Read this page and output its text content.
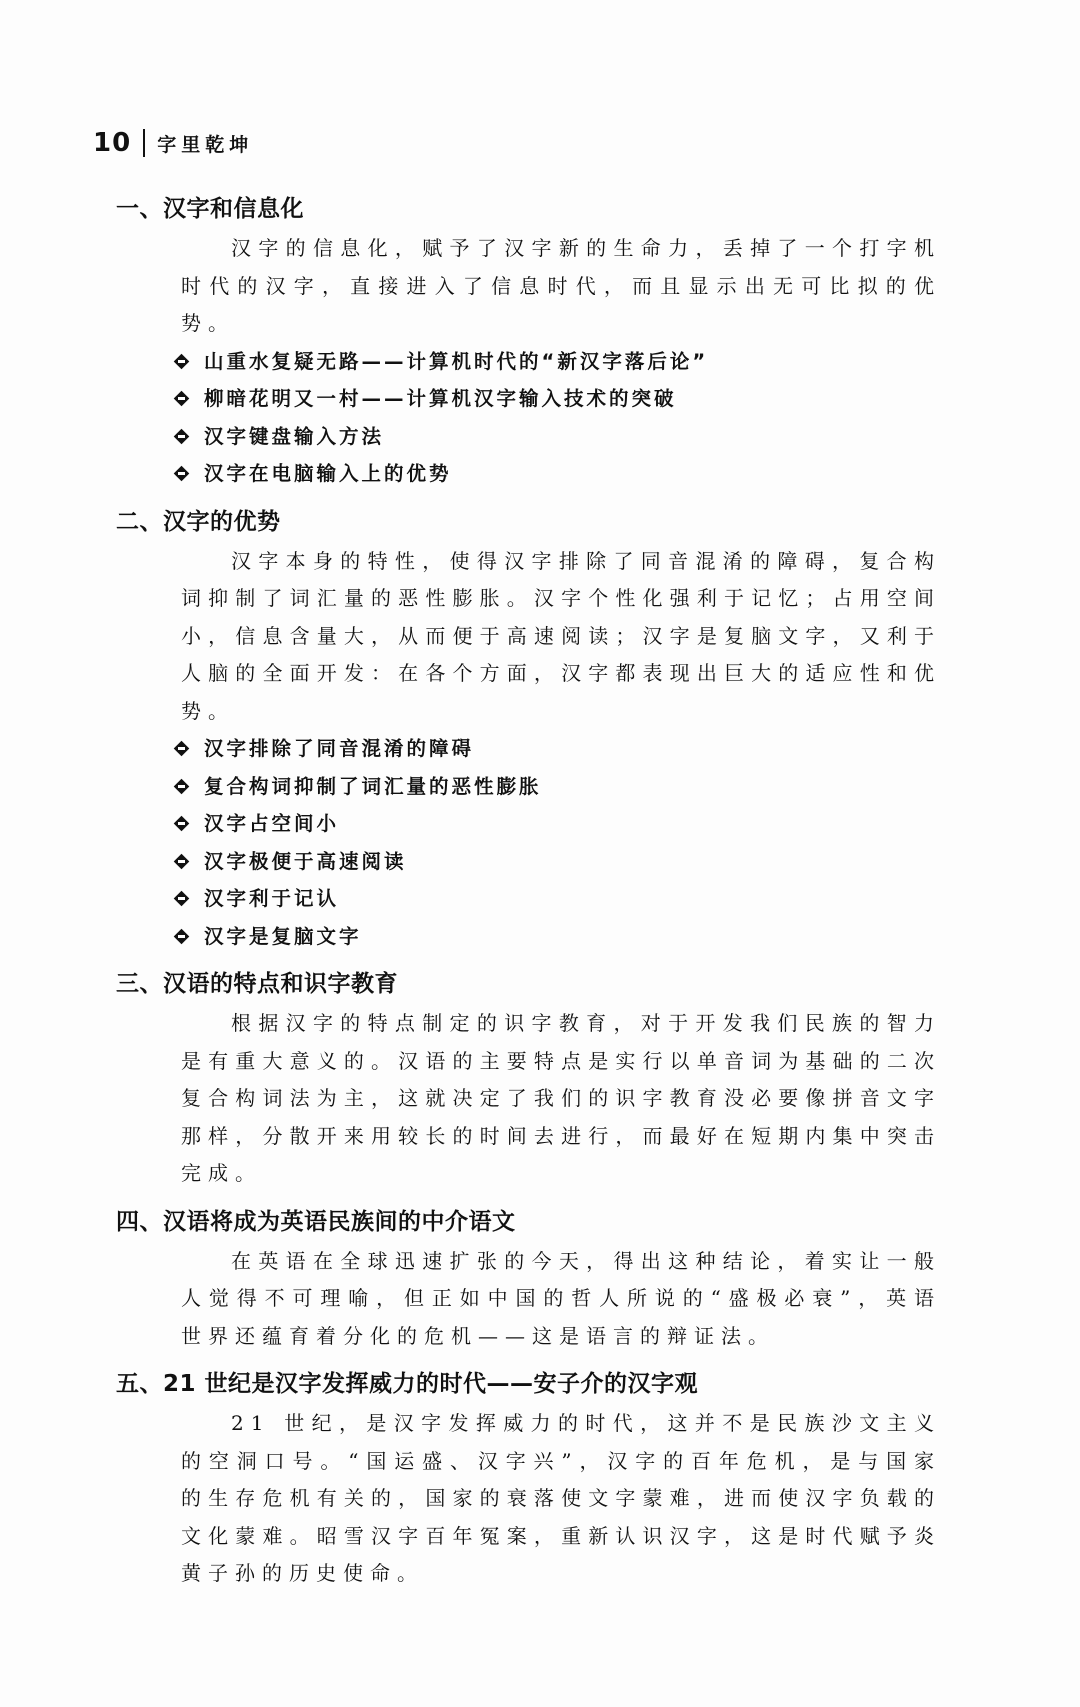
10 字里乾坤
一、汉字和信息化

汉字的信息化，赋予了汉字新的生命力，丢掉了一个打字机时代的汉字，直接进入了信息时代，而且显示出无可比拟的优势。

山重水复疑无路——计算机时代的“新汉字落后论”
柳暗花明又一村——计算机汉字输入技术的突破
汉字键盘输入方法
汉字在电脑输入上的优势
二、汉字的优势

汉字本身的特性，使得汉字排除了同音混淆的障碍，复合构词抑制了词汇量的恶性膨胀。汉字个性化强利于记忆；占用空间小，信息含量大，从而便于高速阅读；汉字是复脑文字，又利于人脑的全面开发：在各个方面，汉字都表现出巨大的适应性和优势。

汉字排除了同音混淆的障碍
复合构词抑制了词汇量的恶性膨胀
汉字占空间小
汉字极便于高速阅读
汉字利于记认
汉字是复脑文字
三、汉语的特点和识字教育

根据汉字的特点制定的识字教育，对于开发我们民族的智力是有重大意义的。汉语的主要特点是实行以单音词为基础的二次复合构词法为主，这就决定了我们的识字教育没必要像拼音文字那样，分散开来用较长的时间去进行，而最好在短期内集中突击完成。

四、汉语将成为英语民族间的中介语文

在英语在全球迅速扩张的今天，得出这种结论，着实让一般人觉得不可理喻，但正如中国的哲人所说的“盛极必衰”，英语世界还蕴育着分化的危机——这是语言的辩证法。

五、21 世纪是汉字发挥威力的时代——安子介的汉字观

21 世纪，是汉字发挥威力的时代，这并不是民族沙文主义的空洞口号。“国运盛、汉字兴”，汉字的百年危机，是与国家的生存危机有关的，国家的衰落使文字蒙难，进而使汉字负载的文化蒙难。昭雪汉字百年冤案，重新认识汉字，这是时代赋予炎黄子孙的历史使命。
